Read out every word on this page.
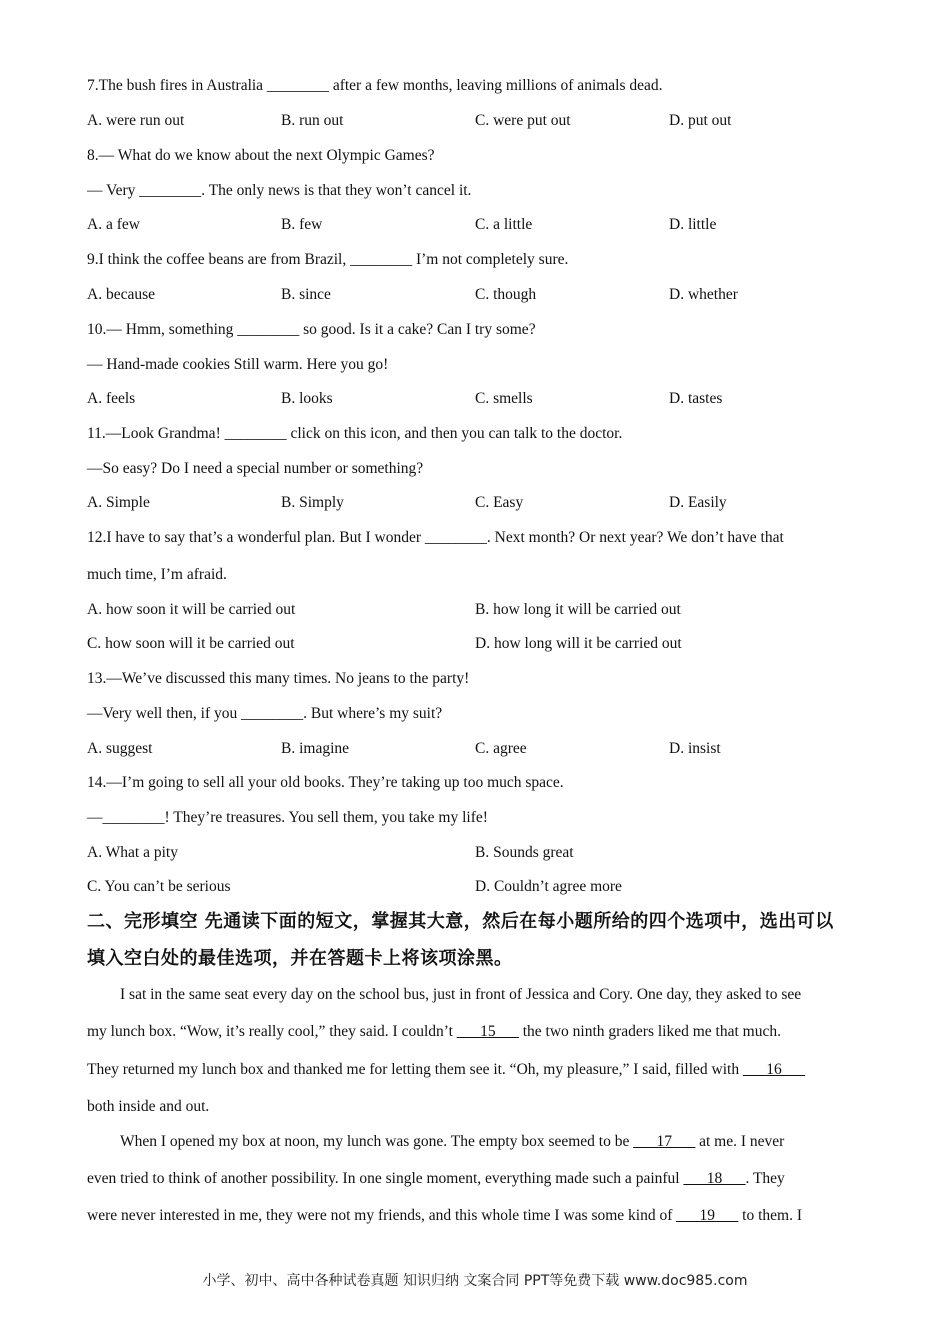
7.The bush fires in Australia ________ after a few months, leaving millions of animals dead.
A. were run out	B. run out	C. were put out	D. put out
8.— What do we know about the next Olympic Games?
— Very ________. The only news is that they won’t cancel it.
A. a few	B. few	C. a little	D. little
9.I think the coffee beans are from Brazil, ________ I’m not completely sure.
A. because	B. since	C. though	D. whether
10.— Hmm, something ________ so good. Is it a cake? Can I try some?
— Hand-made cookies Still warm. Here you go!
A. feels	B. looks	C. smells	D. tastes
11.—Look Grandma! ________ click on this icon, and then you can talk to the doctor.
—So easy? Do I need a special number or something?
A. Simple	B. Simply	C. Easy	D. Easily
12.I have to say that’s a wonderful plan. But I wonder ________. Next month? Or next year? We don’t have that
much time, I’m afraid.
A. how soon it will be carried out	B. how long it will be carried out
C. how soon will it be carried out	D. how long will it be carried out
13.—We’ve discussed this many times. No jeans to the party!
—Very well then, if you ________. But where’s my suit?
A. suggest	B. imagine	C. agree	D. insist
14.—I’m going to sell all your old books. They’re taking up too much space.
—________! They’re treasures. You sell them, you take my life!
A. What a pity	B. Sounds great
C. You can’t be serious	D. Couldn’t agree more
二、完形填空 先通读下面的短文，掌握其大意，然后在每小题所给的四个选项中，选出可以
填入空白处的最佳选项，并在答题卡上将该项涂黑。
I sat in the same seat every day on the school bus, just in front of Jessica and Cory. One day, they asked to see
my lunch box. “Wow, it’s really cool,” they said. I couldn’t ___15___ the two ninth graders liked me that much.
They returned my lunch box and thanked me for letting them see it. “Oh, my pleasure,” I said, filled with ___16___
both inside and out.
When I opened my box at noon, my lunch was gone. The empty box seemed to be ___17___ at me. I never
even tried to think of another possibility. In one single moment, everything made such a painful ___18___. They
were never interested in me, they were not my friends, and this whole time I was some kind of ___19___ to them. I
小学、初中、高中各种试卷真题 知识归纳 文案合同 PPT等免费下载 www.doc985.com
